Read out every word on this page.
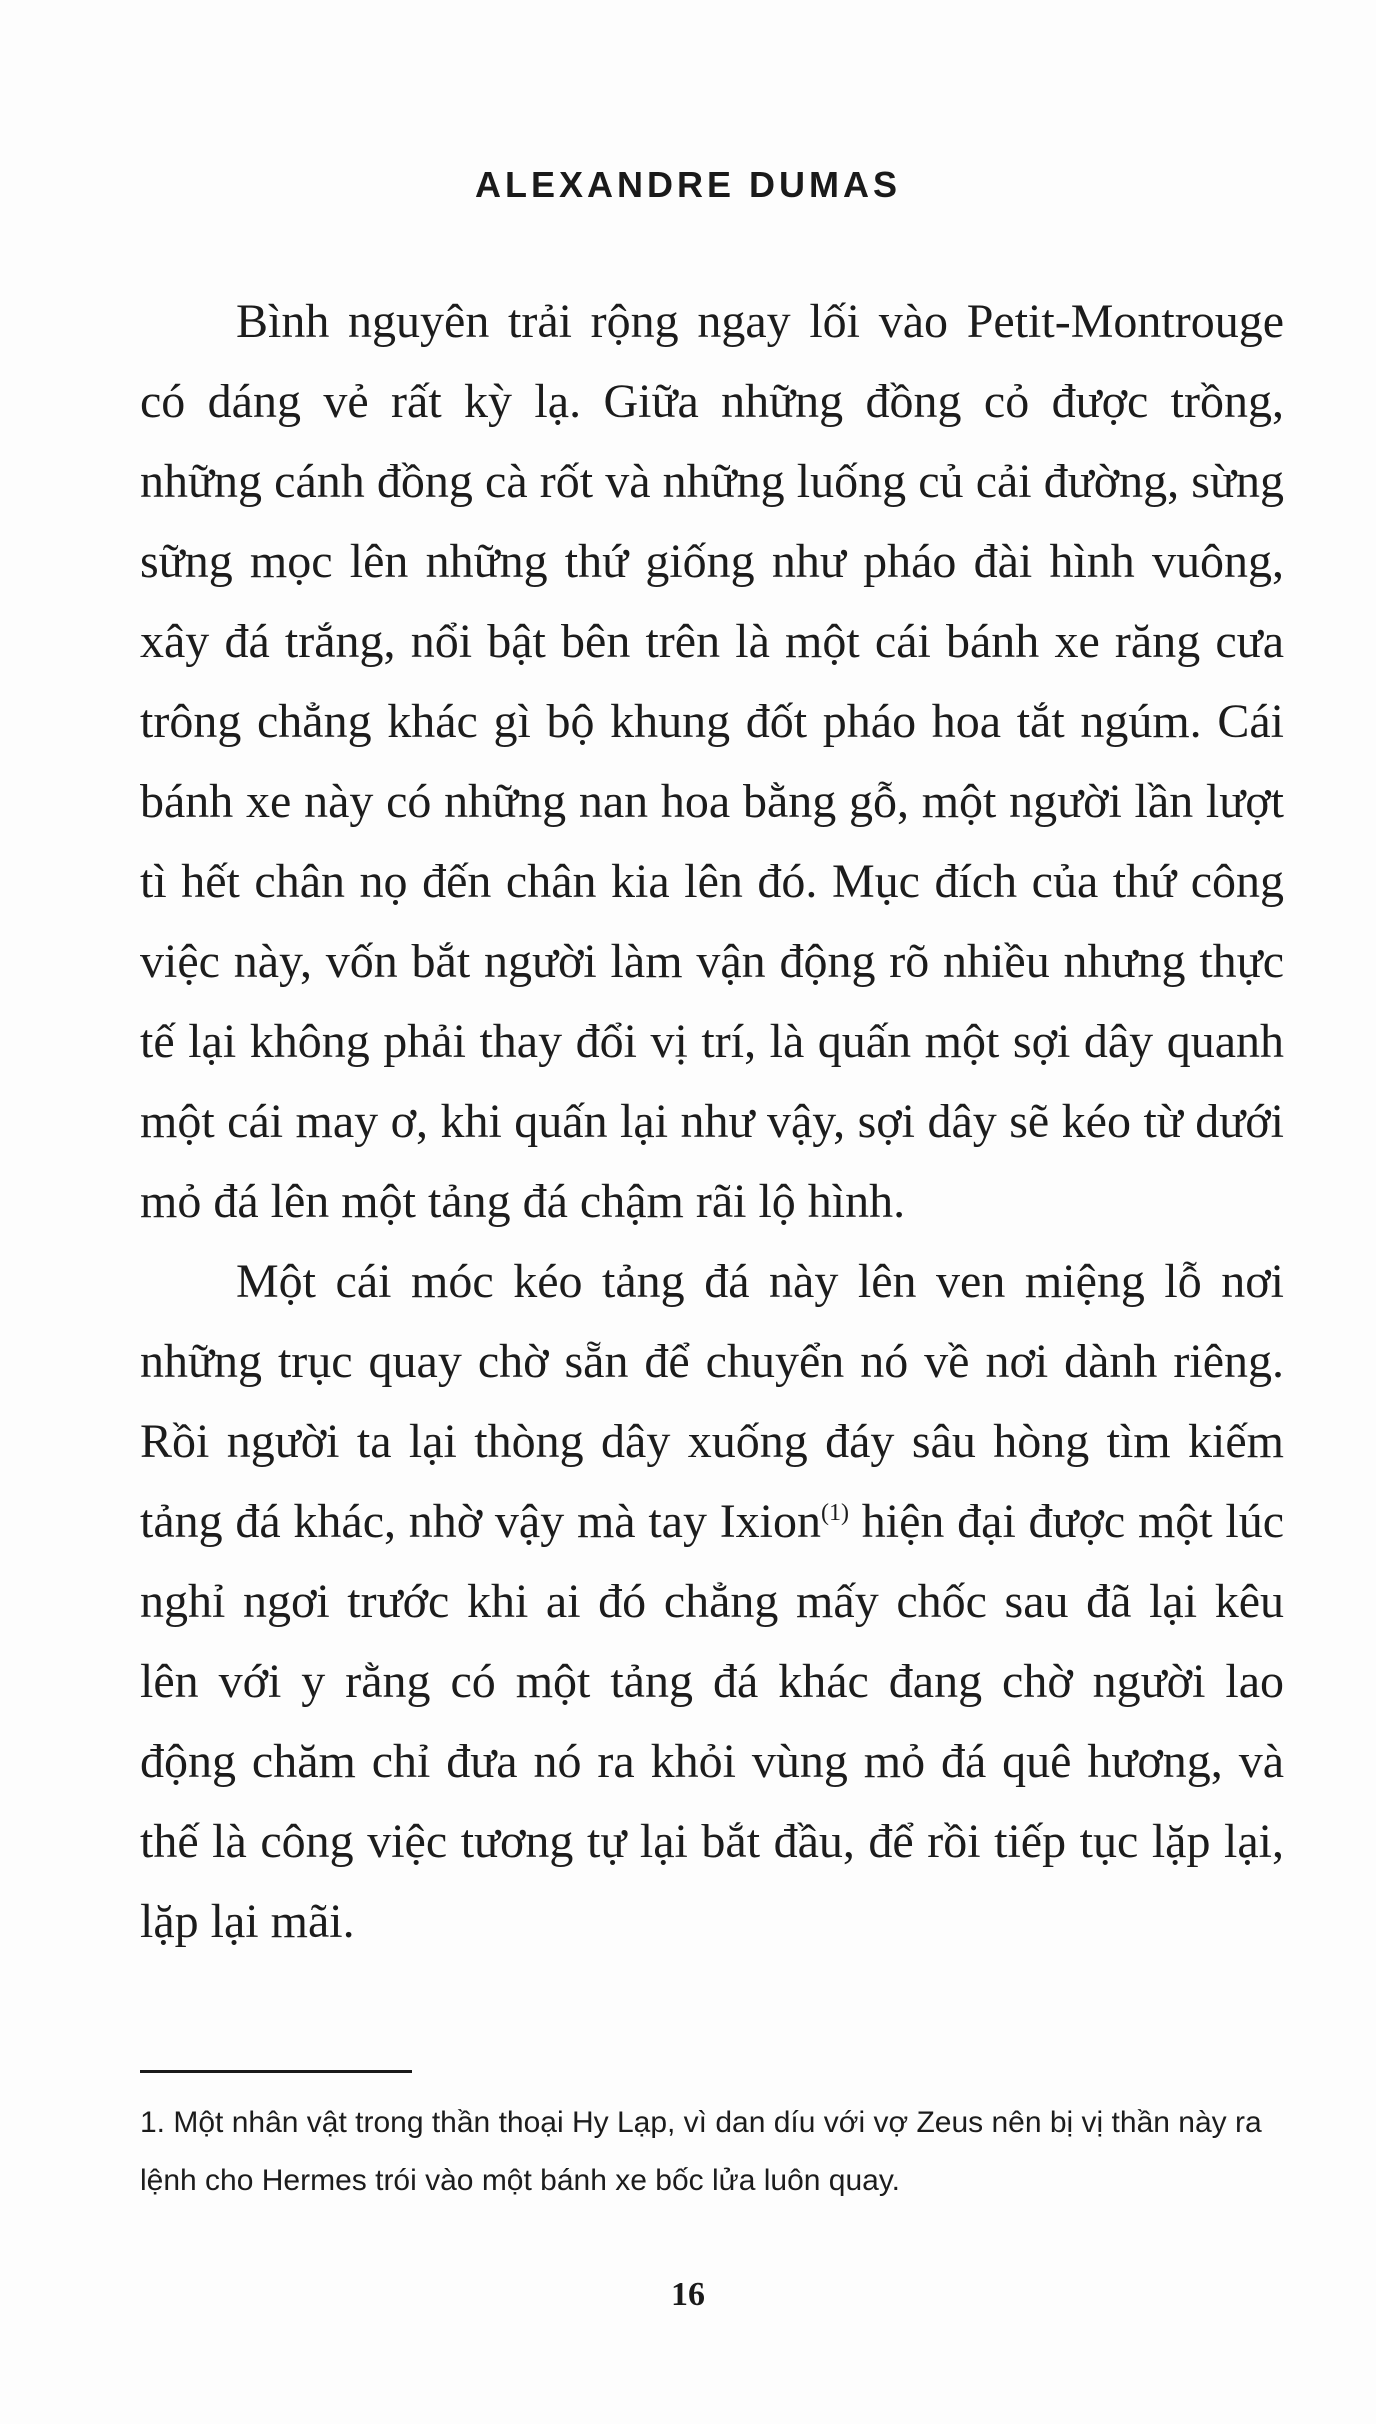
ALEXANDRE DUMAS

Bình nguyên trải rộng ngay lối vào Petit-Montrouge có dáng vẻ rất kỳ lạ. Giữa những đồng cỏ được trồng, những cánh đồng cà rốt và những luống củ cải đường, sừng sững mọc lên những thứ giống như pháo đài hình vuông, xây đá trắng, nổi bật bên trên là một cái bánh xe răng cưa trông chẳng khác gì bộ khung đốt pháo hoa tắt ngúm. Cái bánh xe này có những nan hoa bằng gỗ, một người lần lượt tì hết chân nọ đến chân kia lên đó. Mục đích của thứ công việc này, vốn bắt người làm vận động rõ nhiều nhưng thực tế lại không phải thay đổi vị trí, là quấn một sợi dây quanh một cái may ơ, khi quấn lại như vậy, sợi dây sẽ kéo từ dưới mỏ đá lên một tảng đá chậm rãi lộ hình.

Một cái móc kéo tảng đá này lên ven miệng lỗ nơi những trục quay chờ sẵn để chuyển nó về nơi dành riêng. Rồi người ta lại thòng dây xuống đáy sâu hòng tìm kiếm tảng đá khác, nhờ vậy mà tay Ixion$^{(1)}$ hiện đại được một lúc nghỉ ngơi trước khi ai đó chẳng mấy chốc sau đã lại kêu lên với y rằng có một tảng đá khác đang chờ người lao động chăm chỉ đưa nó ra khỏi vùng mỏ đá quê hương, và thế là công việc tương tự lại bắt đầu, để rồi tiếp tục lặp lại, lặp lại mãi.

1. Một nhân vật trong thần thoại Hy Lạp, vì dan díu với vợ Zeus nên bị vị thần này ra lệnh cho Hermes trói vào một bánh xe bốc lửa luôn quay.
16
